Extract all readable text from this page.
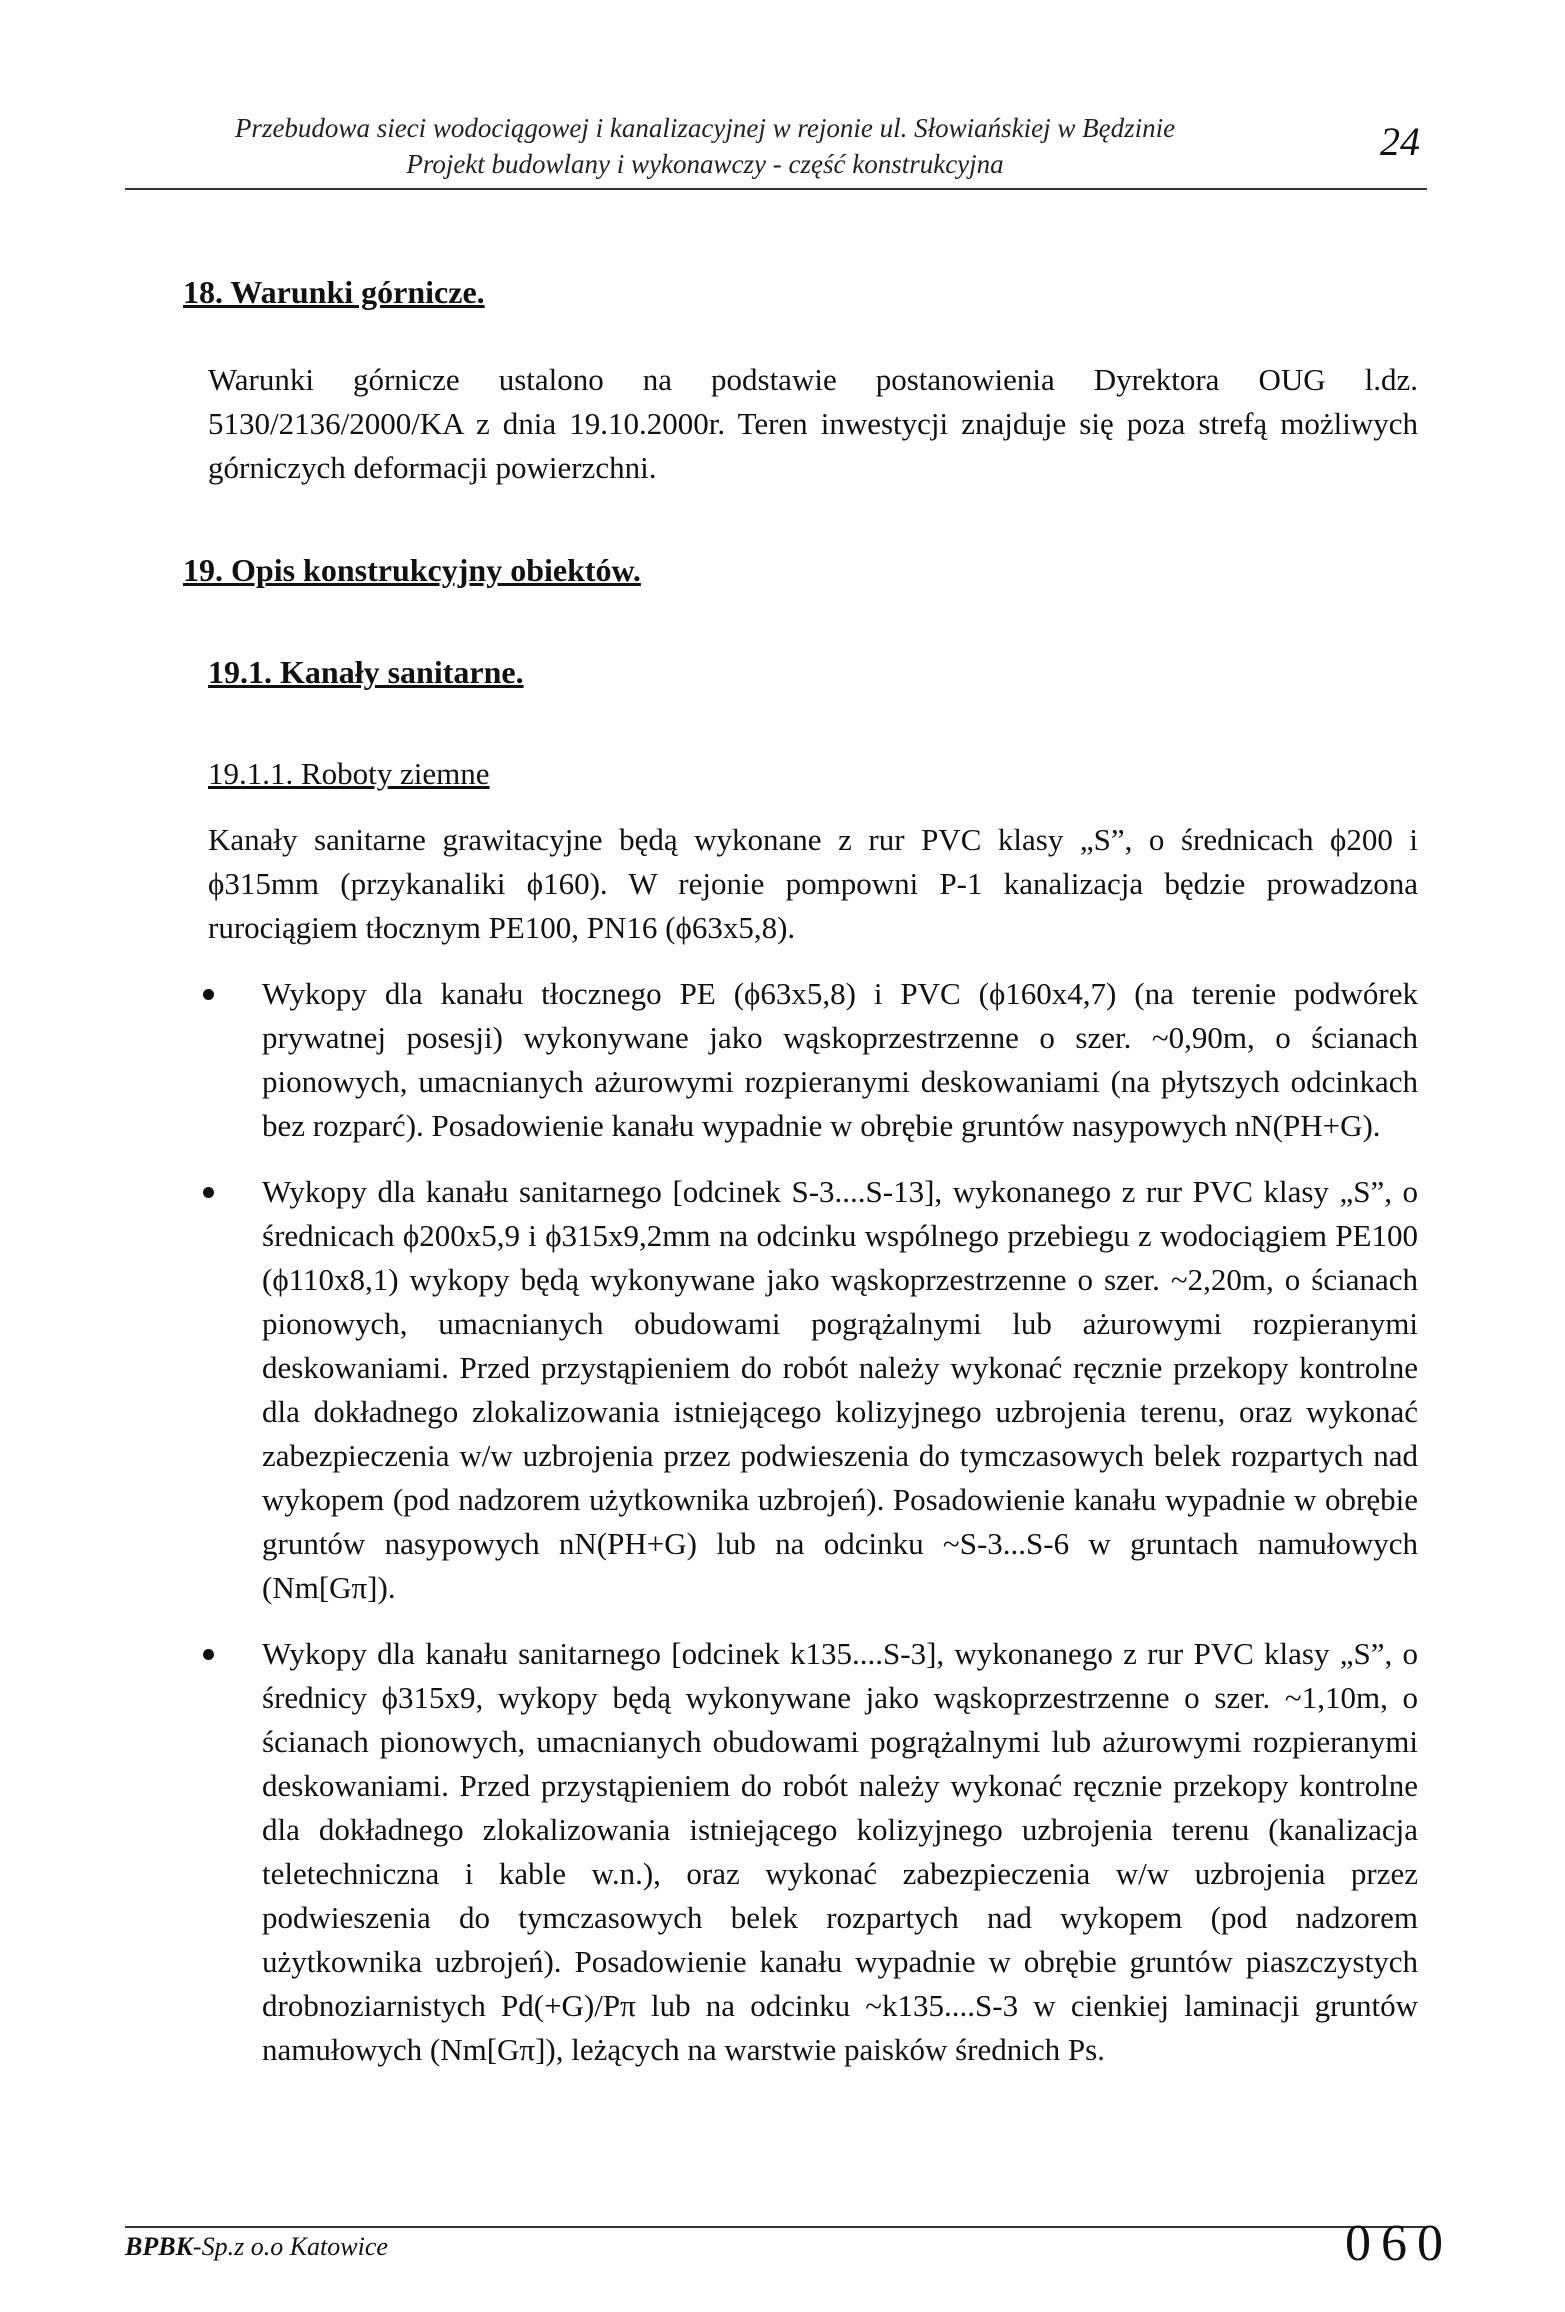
Przebudowa sieci wodociągowej i kanalizacyjnej w rejonie ul. Słowiańskiej w Będzinie
Projekt budowlany i wykonawczy - część konstrukcyjna	24
18. Warunki górnicze.

Warunki górnicze ustalono na podstawie postanowienia Dyrektora OUG l.dz. 5130/2136/2000/KA z dnia 19.10.2000r. Teren inwestycji znajduje się poza strefą możliwych górniczych deformacji powierzchni.

19. Opis konstrukcyjny obiektów.
19.1. Kanały sanitarne.
19.1.1. Roboty ziemne

Kanały sanitarne grawitacyjne będą wykonane z rur PVC klasy „S”, o średnicach ϕ200 i ϕ315mm (przykanaliki ϕ160). W rejonie pompowni P-1 kanalizacja będzie prowadzona rurociągiem tłocznym PE100, PN16 (ϕ63x5,8).

Wykopy dla kanału tłocznego PE (ϕ63x5,8) i PVC (ϕ160x4,7) (na terenie podwórek prywatnej posesji) wykonywane jako wąskoprzestrzenne o szer. ~0,90m, o ścianach pionowych, umacnianych ażurowymi rozpieranymi deskowaniami (na płytszych odcinkach bez rozparć). Posadowienie kanału wypadnie w obrębie gruntów nasypowych nN(PH+G).
Wykopy dla kanału sanitarnego [odcinek S-3....S-13], wykonanego z rur PVC klasy „S”, o średnicach ϕ200x5,9 i ϕ315x9,2mm na odcinku wspólnego przebiegu z wodociągiem PE100 (ϕ110x8,1) wykopy będą wykonywane jako wąskoprzestrzenne o szer. ~2,20m, o ścianach pionowych, umacnianych obudowami pogrążalnymi lub ażurowymi rozpieranymi deskowaniami. Przed przystąpieniem do robót należy wykonać ręcznie przekopy kontrolne dla dokładnego zlokalizowania istniejącego kolizyjnego uzbrojenia terenu, oraz wykonać zabezpieczenia w/w uzbrojenia przez podwieszenia do tymczasowych belek rozpartych nad wykopem (pod nadzorem użytkownika uzbrojeń). Posadowienie kanału wypadnie w obrębie gruntów nasypowych nN(PH+G) lub na odcinku ~S-3...S-6 w gruntach namułowych (Nm[Gπ]).
Wykopy dla kanału sanitarnego [odcinek k135....S-3], wykonanego z rur PVC klasy „S”, o średnicy ϕ315x9, wykopy będą wykonywane jako wąskoprzestrzenne o szer. ~1,10m, o ścianach pionowych, umacnianych obudowami pogrążalnymi lub ażurowymi rozpieranymi deskowaniami. Przed przystąpieniem do robót należy wykonać ręcznie przekopy kontrolne dla dokładnego zlokalizowania istniejącego kolizyjnego uzbrojenia terenu (kanalizacja teletechniczna i kable w.n.), oraz wykonać zabezpieczenia w/w uzbrojenia przez podwieszenia do tymczasowych belek rozpartych nad wykopem (pod nadzorem użytkownika uzbrojeń). Posadowienie kanału wypadnie w obrębie gruntów piaszczystych drobnoziarnistych Pd(+G)/Pπ lub na odcinku ~k135....S-3 w cienkiej laminacji gruntów namułowych (Nm[Gπ]), leżących na warstwie paisków średnich Ps.
BPBK-Sp.z o.o Katowice	060
